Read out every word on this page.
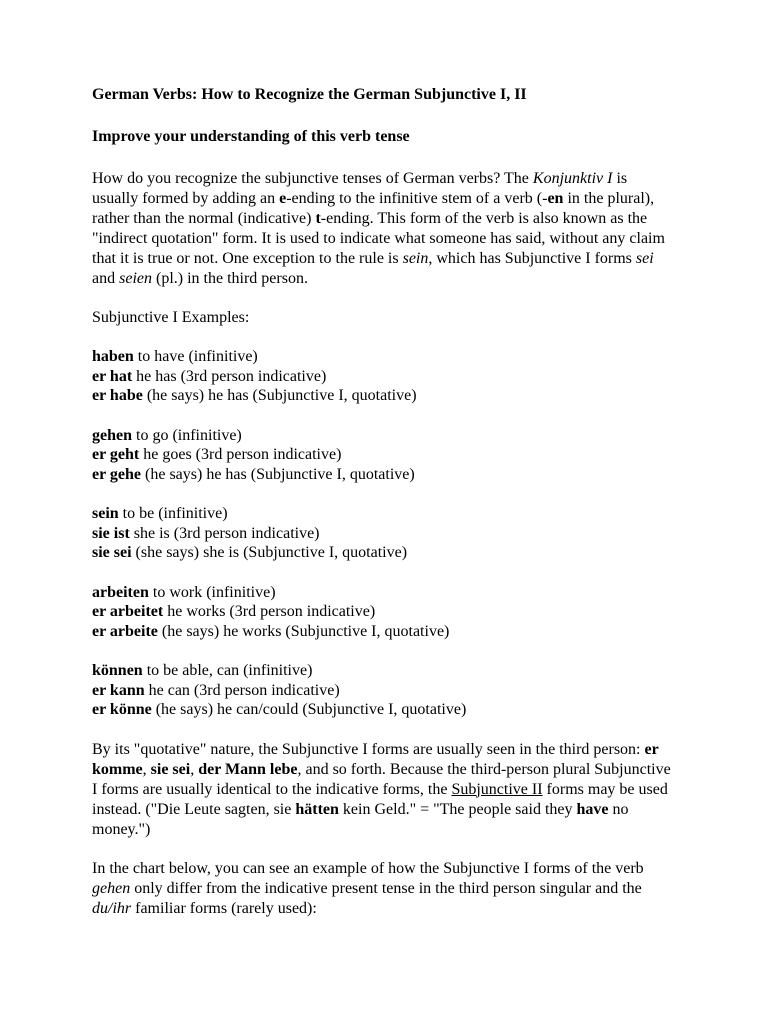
German Verbs: How to Recognize the German Subjunctive I, II
Improve your understanding of this verb tense

How do you recognize the subjunctive tenses of German verbs? The Konjunktiv I is usually formed by adding an e-ending to the infinitive stem of a verb (-en in the plural), rather than the normal (indicative) t-ending. This form of the verb is also known as the "indirect quotation" form. It is used to indicate what someone has said, without any claim that it is true or not. One exception to the rule is sein, which has Subjunctive I forms sei and seien (pl.) in the third person.

Subjunctive I Examples:

haben to have (infinitive)
er hat he has (3rd person indicative)
er habe (he says) he has (Subjunctive I, quotative)
gehen to go (infinitive)
er geht he goes (3rd person indicative)
er gehe (he says) he has (Subjunctive I, quotative)
sein to be (infinitive)
sie ist she is (3rd person indicative)
sie sei (she says) she is (Subjunctive I, quotative)
arbeiten to work (infinitive)
er arbeitet he works (3rd person indicative)
er arbeite (he says) he works (Subjunctive I, quotative)
können to be able, can (infinitive)
er kann he can (3rd person indicative)
er könne (he says) he can/could (Subjunctive I, quotative)

By its "quotative" nature, the Subjunctive I forms are usually seen in the third person: er komme, sie sei, der Mann lebe, and so forth. Because the third-person plural Subjunctive I forms are usually identical to the indicative forms, the Subjunctive II forms may be used instead. ("Die Leute sagten, sie hätten kein Geld." = "The people said they have no money.")

In the chart below, you can see an example of how the Subjunctive I forms of the verb gehen only differ from the indicative present tense in the third person singular and the du/ihr familiar forms (rarely used):
